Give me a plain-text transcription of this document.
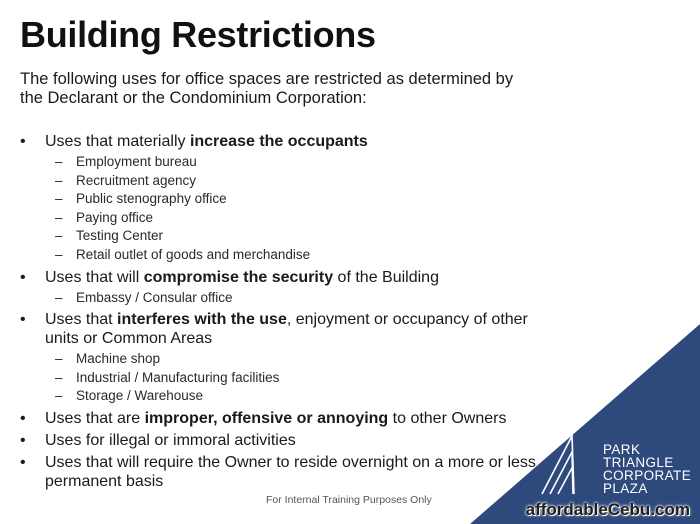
Building Restrictions
The following uses for office spaces are restricted as determined by the Declarant or the Condominium Corporation:
• Uses that materially increase the occupants
– Employment bureau
– Recruitment agency
– Public stenography office
– Paying office
– Testing Center
– Retail outlet of goods and merchandise
• Uses that will compromise the security of the Building
– Embassy / Consular office
• Uses that interferes with the use, enjoyment or occupancy of other units or Common Areas
– Machine shop
– Industrial / Manufacturing facilities
– Storage / Warehouse
• Uses that are improper, offensive or annoying to other Owners
• Uses for illegal or immoral activities
• Uses that will require the Owner to reside overnight on a more or less permanent basis
For Internal Training Purposes Only
PARK
TRIANGLE
CORPORATE
PLAZA
affordableCebu.com
